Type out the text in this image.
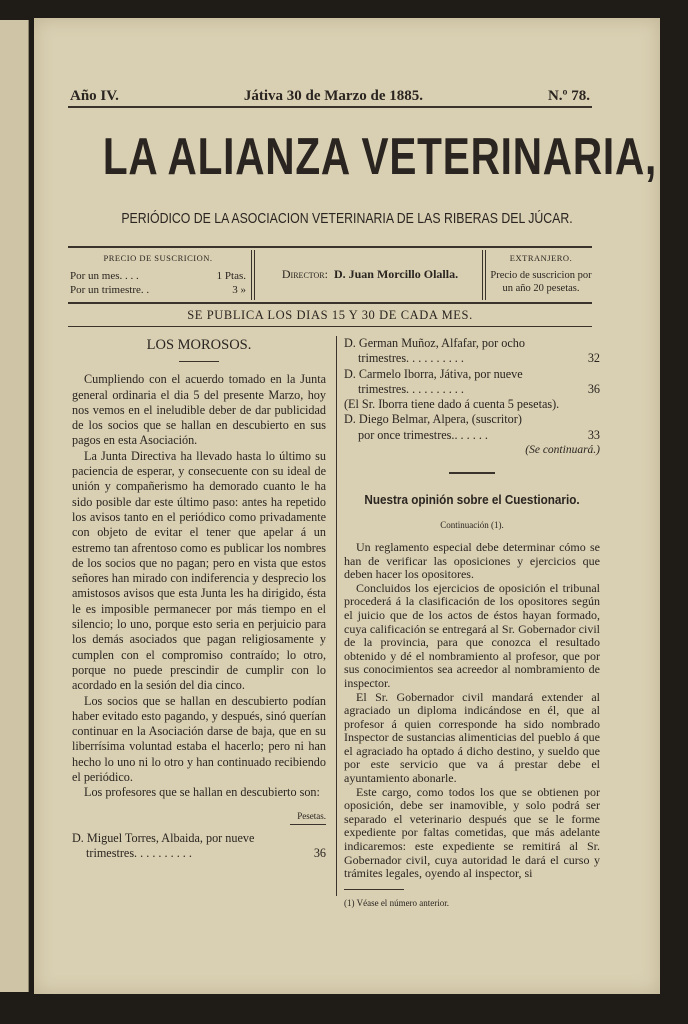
Año IV.	Játiva 30 de Marzo de 1885.	N.º 78.
LA ALIANZA VETERINARIA,
PERIÓDICO DE LA ASOCIACION VETERINARIA DE LAS RIBERAS DEL JÚCAR.
PRECIO DE SUSCRICION.
Por un mes. . . .	1 Ptas.
Por un trimestre. .	3 »
Director: D. Juan Morcillo Olalla.
EXTRANJERO.
Precio de suscricion por un año 20 pesetas.
SE PUBLICA LOS DIAS 15 Y 30 DE CADA MES.
LOS MOROSOS.

Cumpliendo con el acuerdo tomado en la Junta general ordinaria el dia 5 del presente Marzo, hoy nos vemos en el ineludible deber de dar publicidad de los socios que se hallan en descubierto en sus pagos en esta Asociación.

La Junta Directiva ha llevado hasta lo último su paciencia de esperar, y consecuente con su ideal de unión y compañerismo ha demorado cuanto le ha sido posible dar este último paso: antes ha repetido los avisos tanto en el periódico como privadamente con objeto de evitar el tener que apelar á un estremo tan afrentoso como es publicar los nombres de los socios que no pagan; pero en vista que estos señores han mirado con indiferencia y desprecio los amistosos avisos que esta Junta les ha dirigido, ésta le es imposible permanecer por más tiempo en el silencio; lo uno, porque esto seria en perjuicio para los demás asociados que pagan religiosamente y cumplen con el compromiso contraído; lo otro, porque no puede prescindir de cumplir con lo acordado en la sesión del dia cinco.

Los socios que se hallan en descubierto podían haber evitado esto pagando, y después, sinó querían continuar en la Asociación darse de baja, que en su liberrísima voluntad estaba el hacerlo; pero ni han hecho lo uno ni lo otro y han continuado recibiendo el periódico.

Los profesores que se hallan en descubierto son:

Pesetas.
D. Miguel Torres, Albaida, por nueve
trimestres. . . . . . . . . .	36
D. German Muñoz, Alfafar, por ocho
trimestres. . . . . . . . . .	32
D. Carmelo Iborra, Játiva, por nueve
trimestres. . . . . . . . . .	36
(El Sr. Iborra tiene dado á cuenta 5 pesetas).
D. Diego Belmar, Alpera, (suscritor)
por once trimestres.. . . . . .	33
(Se continuará.)
Nuestra opinión sobre el Cuestionario.
Continuación (1).

Un reglamento especial debe determinar cómo se han de verificar las oposiciones y ejercicios que deben hacer los opositores.

Concluidos los ejercicios de oposición el tribunal procederá á la clasificación de los opositores según el juicio que de los actos de éstos hayan formado, cuya calificación se entregará al Sr. Gobernador civil de la provincia, para que conozca el resultado obtenido y dé el nombramiento al profesor, que por sus conocimientos sea acreedor al nombramiento de inspector.

El Sr. Gobernador civil mandará extender al agraciado un diploma indicándose en él, que al profesor á quien corresponde ha sido nombrado Inspector de sustancias alimenticias del pueblo á que el agraciado ha optado á dicho destino, y sueldo que por este servicio que va á prestar debe el ayuntamiento abonarle.

Este cargo, como todos los que se obtienen por oposición, debe ser inamovible, y solo podrá ser separado el veterinario después que se le forme expediente por faltas cometidas, que más adelante indicaremos: este expediente se remitirá al Sr. Gobernador civil, cuya autoridad le dará el curso y trámites legales, oyendo al inspector, si

(1) Véase el número anterior.
